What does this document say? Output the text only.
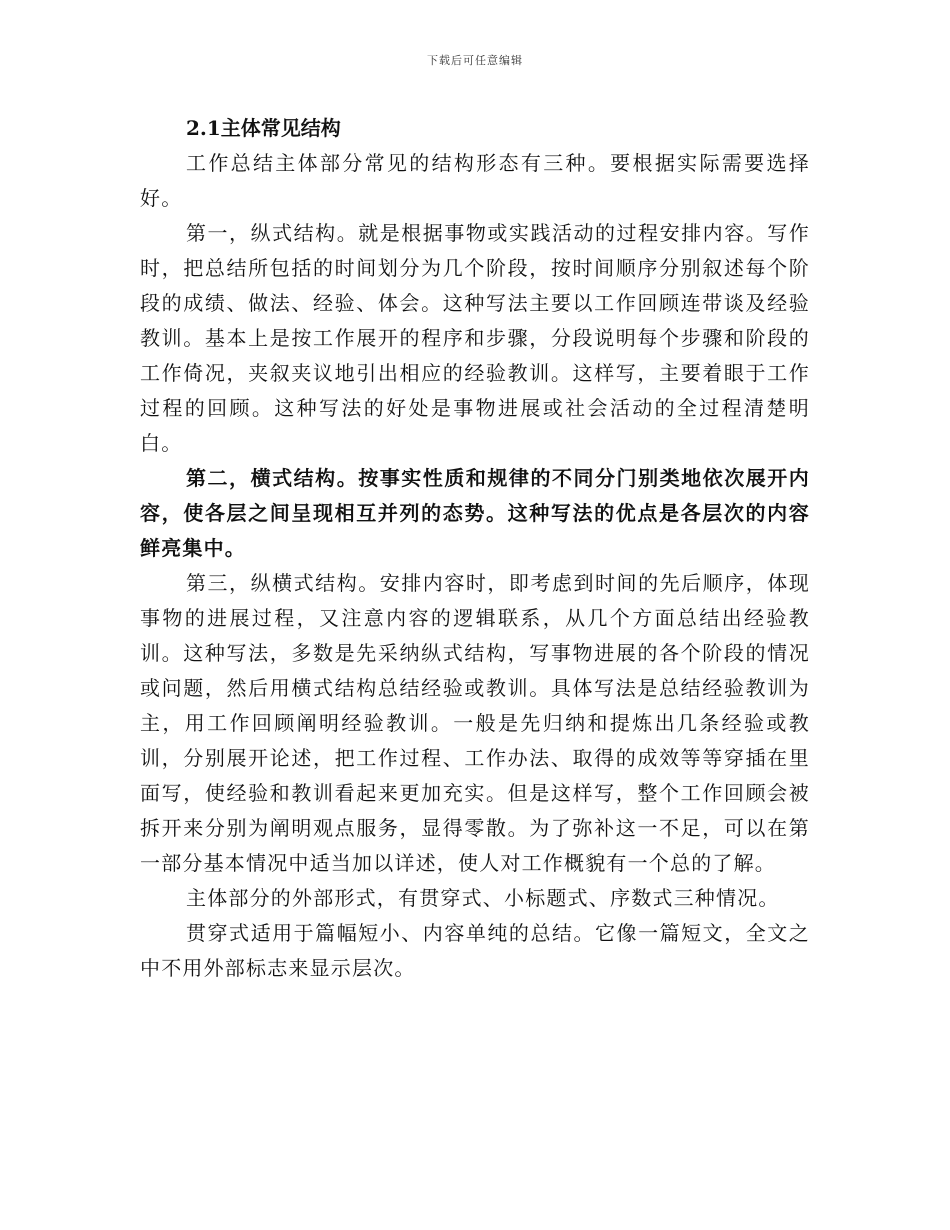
下载后可任意编辑

2.1主体常见结构

工作总结主体部分常见的结构形态有三种。要根据实际需要选择好。

第一，纵式结构。就是根据事物或实践活动的过程安排内容。写作时，把总结所包括的时间划分为几个阶段，按时间顺序分别叙述每个阶段的成绩、做法、经验、体会。这种写法主要以工作回顾连带谈及经验教训。基本上是按工作展开的程序和步骤，分段说明每个步骤和阶段的工作倚况，夹叙夹议地引出相应的经验教训。这样写，主要着眼于工作过程的回顾。这种写法的好处是事物进展或社会活动的全过程清楚明白。

第二，横式结构。按事实性质和规律的不同分门别类地依次展开内容，使各层之间呈现相互并列的态势。这种写法的优点是各层次的内容鲜亮集中。

第三，纵横式结构。安排内容时，即考虑到时间的先后顺序，体现事物的进展过程，又注意内容的逻辑联系，从几个方面总结出经验教训。这种写法，多数是先采纳纵式结构，写事物进展的各个阶段的情况或问题，然后用横式结构总结经验或教训。具体写法是总结经验教训为主，用工作回顾阐明经验教训。一般是先归纳和提炼出几条经验或教训，分别展开论述，把工作过程、工作办法、取得的成效等等穿插在里面写，使经验和教训看起来更加充实。但是这样写，整个工作回顾会被拆开来分别为阐明观点服务，显得零散。为了弥补这一不足，可以在第一部分基本情况中适当加以详述，使人对工作概貌有一个总的了解。

主体部分的外部形式，有贯穿式、小标题式、序数式三种情况。

贯穿式适用于篇幅短小、内容单纯的总结。它像一篇短文，全文之中不用外部标志来显示层次。
